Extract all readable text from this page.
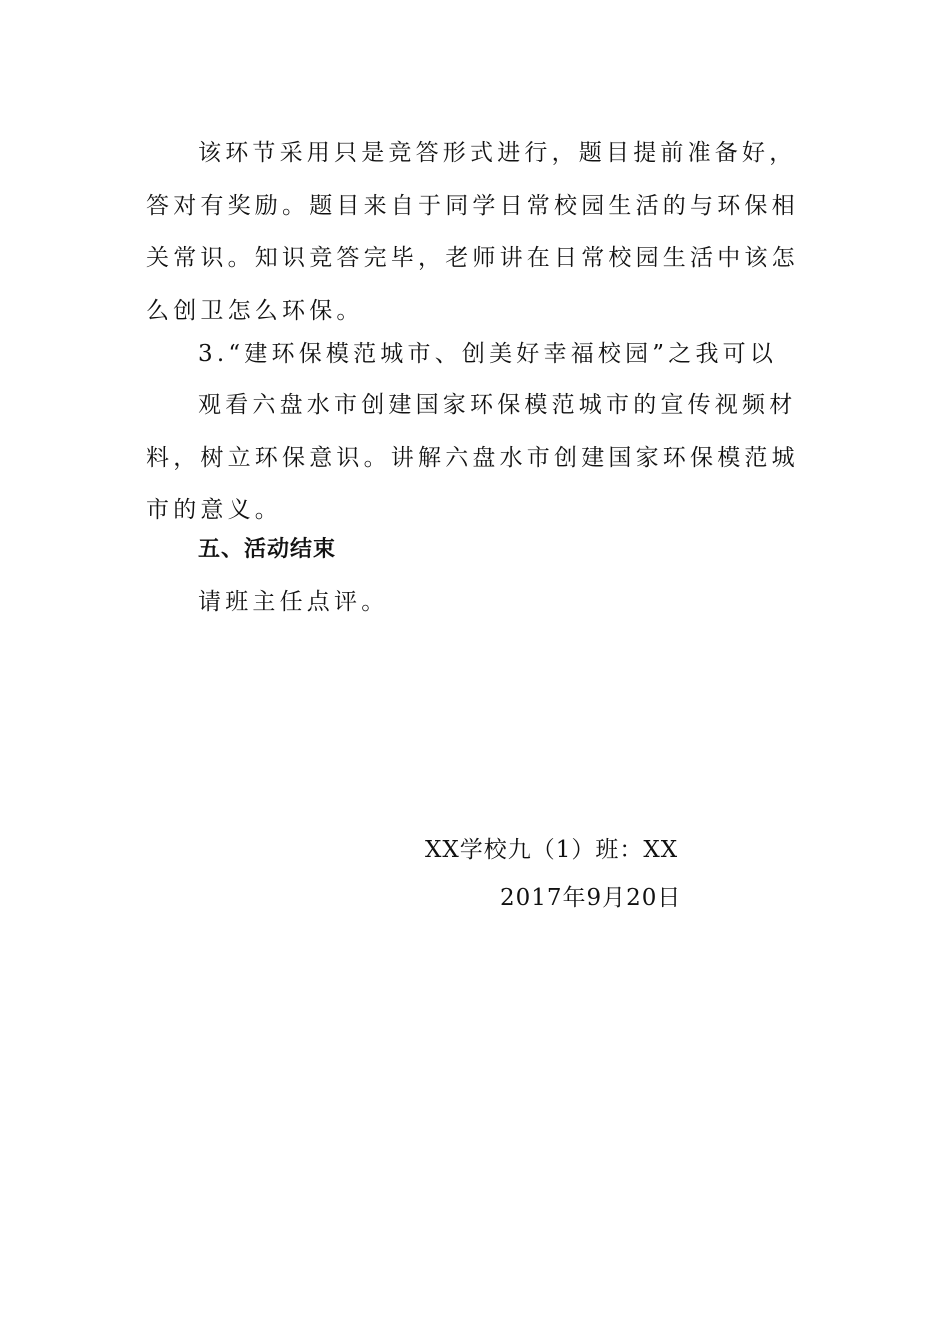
该环节采用只是竞答形式进行，题目提前准备好，答对有奖励。题目来自于同学日常校园生活的与环保相关常识。知识竞答完毕，老师讲在日常校园生活中该怎么创卫怎么环保。

3.“建环保模范城市、创美好幸福校园”之我可以

观看六盘水市创建国家环保模范城市的宣传视频材料，树立环保意识。讲解六盘水市创建国家环保模范城市的意义。

五、活动结束

请班主任点评。

XX学校九（1）班：XX

2017年9月20日
